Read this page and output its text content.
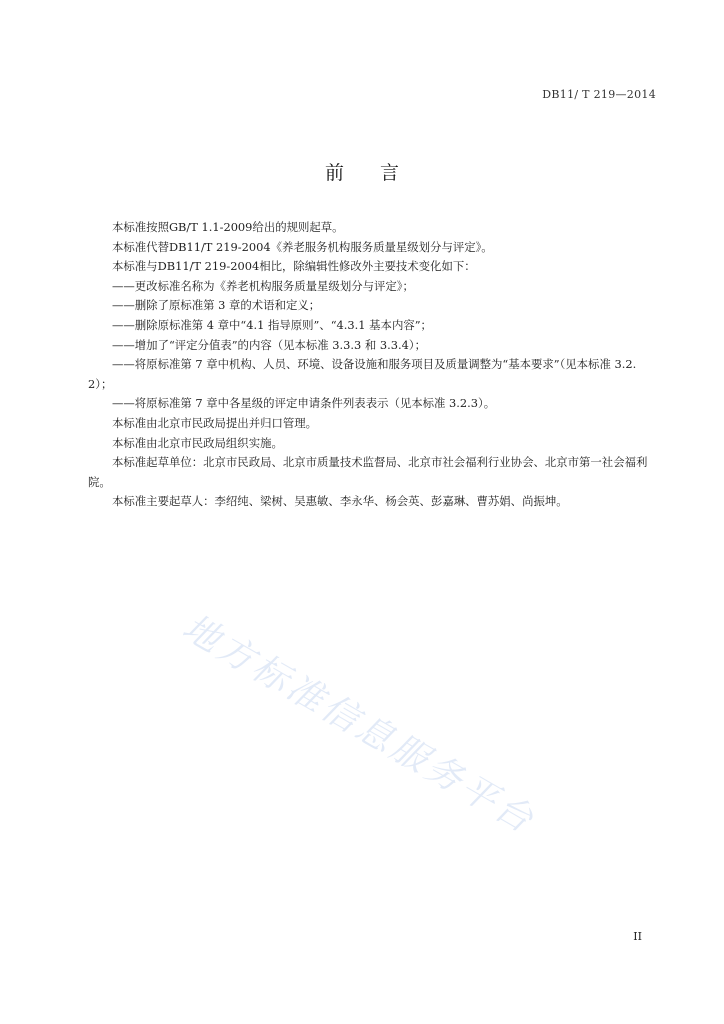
DB11/ T 219—2014
前言

本标准按照GB/T 1.1-2009给出的规则起草。

本标准代替DB11/T 219-2004《养老服务机构服务质量星级划分与评定》。

本标准与DB11/T 219-2004相比，除编辑性修改外主要技术变化如下：

——更改标准名称为《养老机构服务质量星级划分与评定》；

——删除了原标准第 3 章的术语和定义；

——删除原标准第 4 章中“4.1 指导原则”、“4.3.1 基本内容”；

——增加了“评定分值表”的内容（见本标准 3.3.3 和 3.3.4）；

——将原标准第 7 章中机构、人员、环境、设备设施和服务项目及质量调整为“基本要求”（见本标准 3.2.2）；

——将原标准第 7 章中各星级的评定申请条件列表表示（见本标准 3.2.3）。

本标准由北京市民政局提出并归口管理。

本标准由北京市民政局组织实施。

本标准起草单位：北京市民政局、北京市质量技术监督局、北京市社会福利行业协会、北京市第一社会福利院。

本标准主要起草人：李绍纯、梁树、吴惠敏、李永华、杨会英、彭嘉琳、曹苏娟、尚振坤。

地方标准信息服务平台
II
